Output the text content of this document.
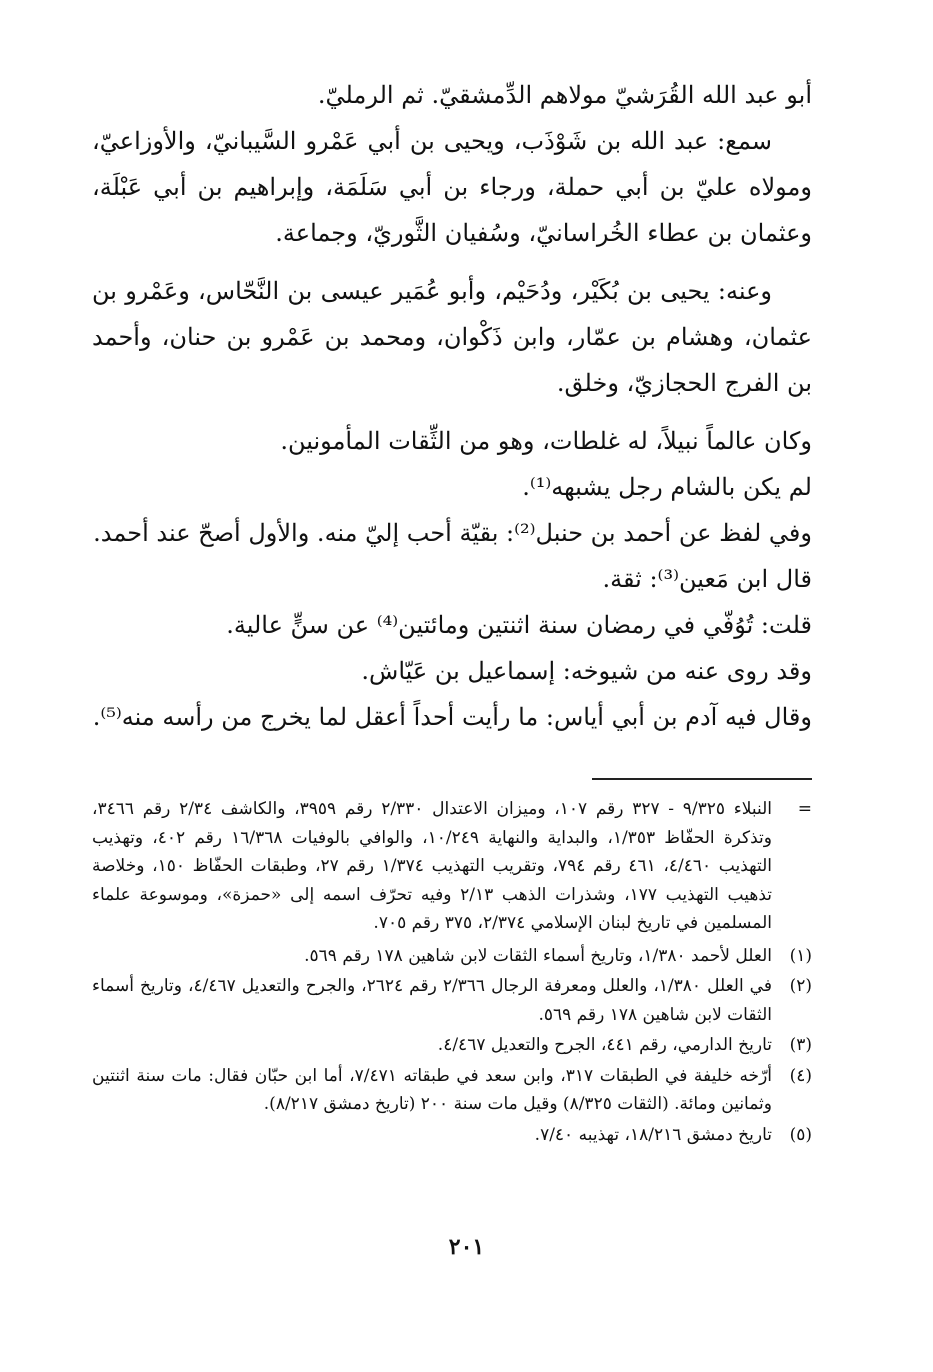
أبو عبد الله القُرَشيّ مولاهم الدِّمشقيّ. ثم الرمليّ.

سمع: عبد الله بن شَوْذَب، ويحيى بن أبي عَمْرو السَّيبانيّ، والأوزاعيّ، ومولاه عليّ بن أبي حملة، ورجاء بن أبي سَلَمَة، وإبراهيم بن أبي عَبْلَة، وعثمان بن عطاء الخُراسانيّ، وسُفيان الثَّوريّ، وجماعة.

وعنه: يحيى بن بُكَيْر، ودُحَيْم، وأبو عُمَير عيسى بن النَّحّاس، وعَمْرو بن عثمان، وهشام بن عمّار، وابن ذَكْوان، ومحمد بن عَمْرو بن حنان، وأحمد بن الفرج الحجازيّ، وخلق.

وكان عالماً نبيلاً، له غلطات، وهو من الثِّقات المأمونين.

لم يكن بالشام رجل يشبهه⁽¹⁾.

وفي لفظ عن أحمد بن حنبل⁽²⁾: بقيّة أحب إليّ منه. والأول أصحّ عند أحمد.

قال ابن مَعين⁽³⁾: ثقة.

قلت: تُوُفّي في رمضان سنة اثنتين ومائتين⁽⁴⁾ عن سنٍّ عالية.

وقد روى عنه من شيوخه: إسماعيل بن عَيّاش.

وقال فيه آدم بن أبي أياس: ما رأيت أحداً أعقل لما يخرج من رأسه منه⁽⁵⁾.

=
النبلاء ٩/٣٢٥ - ٣٢٧ رقم ١٠٧، وميزان الاعتدال ٢/٣٣٠ رقم ٣٩٥٩، والكاشف ٢/٣٤ رقم ٣٤٦٦، وتذكرة الحفّاظ ١/٣٥٣، والبداية والنهاية ١٠/٢٤٩، والوافي بالوفيات ١٦/٣٦٨ رقم ٤٠٢، وتهذيب التهذيب ٤/٤٦٠، ٤٦١ رقم ٧٩٤، وتقريب التهذيب ١/٣٧٤ رقم ٢٧، وطبقات الحفّاظ ١٥٠، وخلاصة تذهيب التهذيب ١٧٧، وشذرات الذهب ٢/١٣ وفيه تحرّف اسمه إلى «حمزة»، وموسوعة علماء المسلمين في تاريخ لبنان الإسلامي ٢/٣٧٤، ٣٧٥ رقم ٧٠٥.
(١)
العلل لأحمد ١/٣٨٠، وتاريخ أسماء الثقات لابن شاهين ١٧٨ رقم ٥٦٩.
(٢)
في العلل ١/٣٨٠، والعلل ومعرفة الرجال ٢/٣٦٦ رقم ٢٦٢٤، والجرح والتعديل ٤/٤٦٧، وتاريخ أسماء الثقات لابن شاهين ١٧٨ رقم ٥٦٩.
(٣)
تاريخ الدارمي، رقم ٤٤١، الجرح والتعديل ٤/٤٦٧.
(٤)
أرّخه خليفة في الطبقات ٣١٧، وابن سعد في طبقاته ٧/٤٧١، أما ابن حبّان فقال: مات سنة اثنتين وثمانين ومائة. (الثقات ٨/٣٢٥) وقيل مات سنة ٢٠٠ (تاريخ دمشق ٨/٢١٧).
(٥)
تاريخ دمشق ١٨/٢١٦، تهذيبه ٧/٤٠.
٢٠١
